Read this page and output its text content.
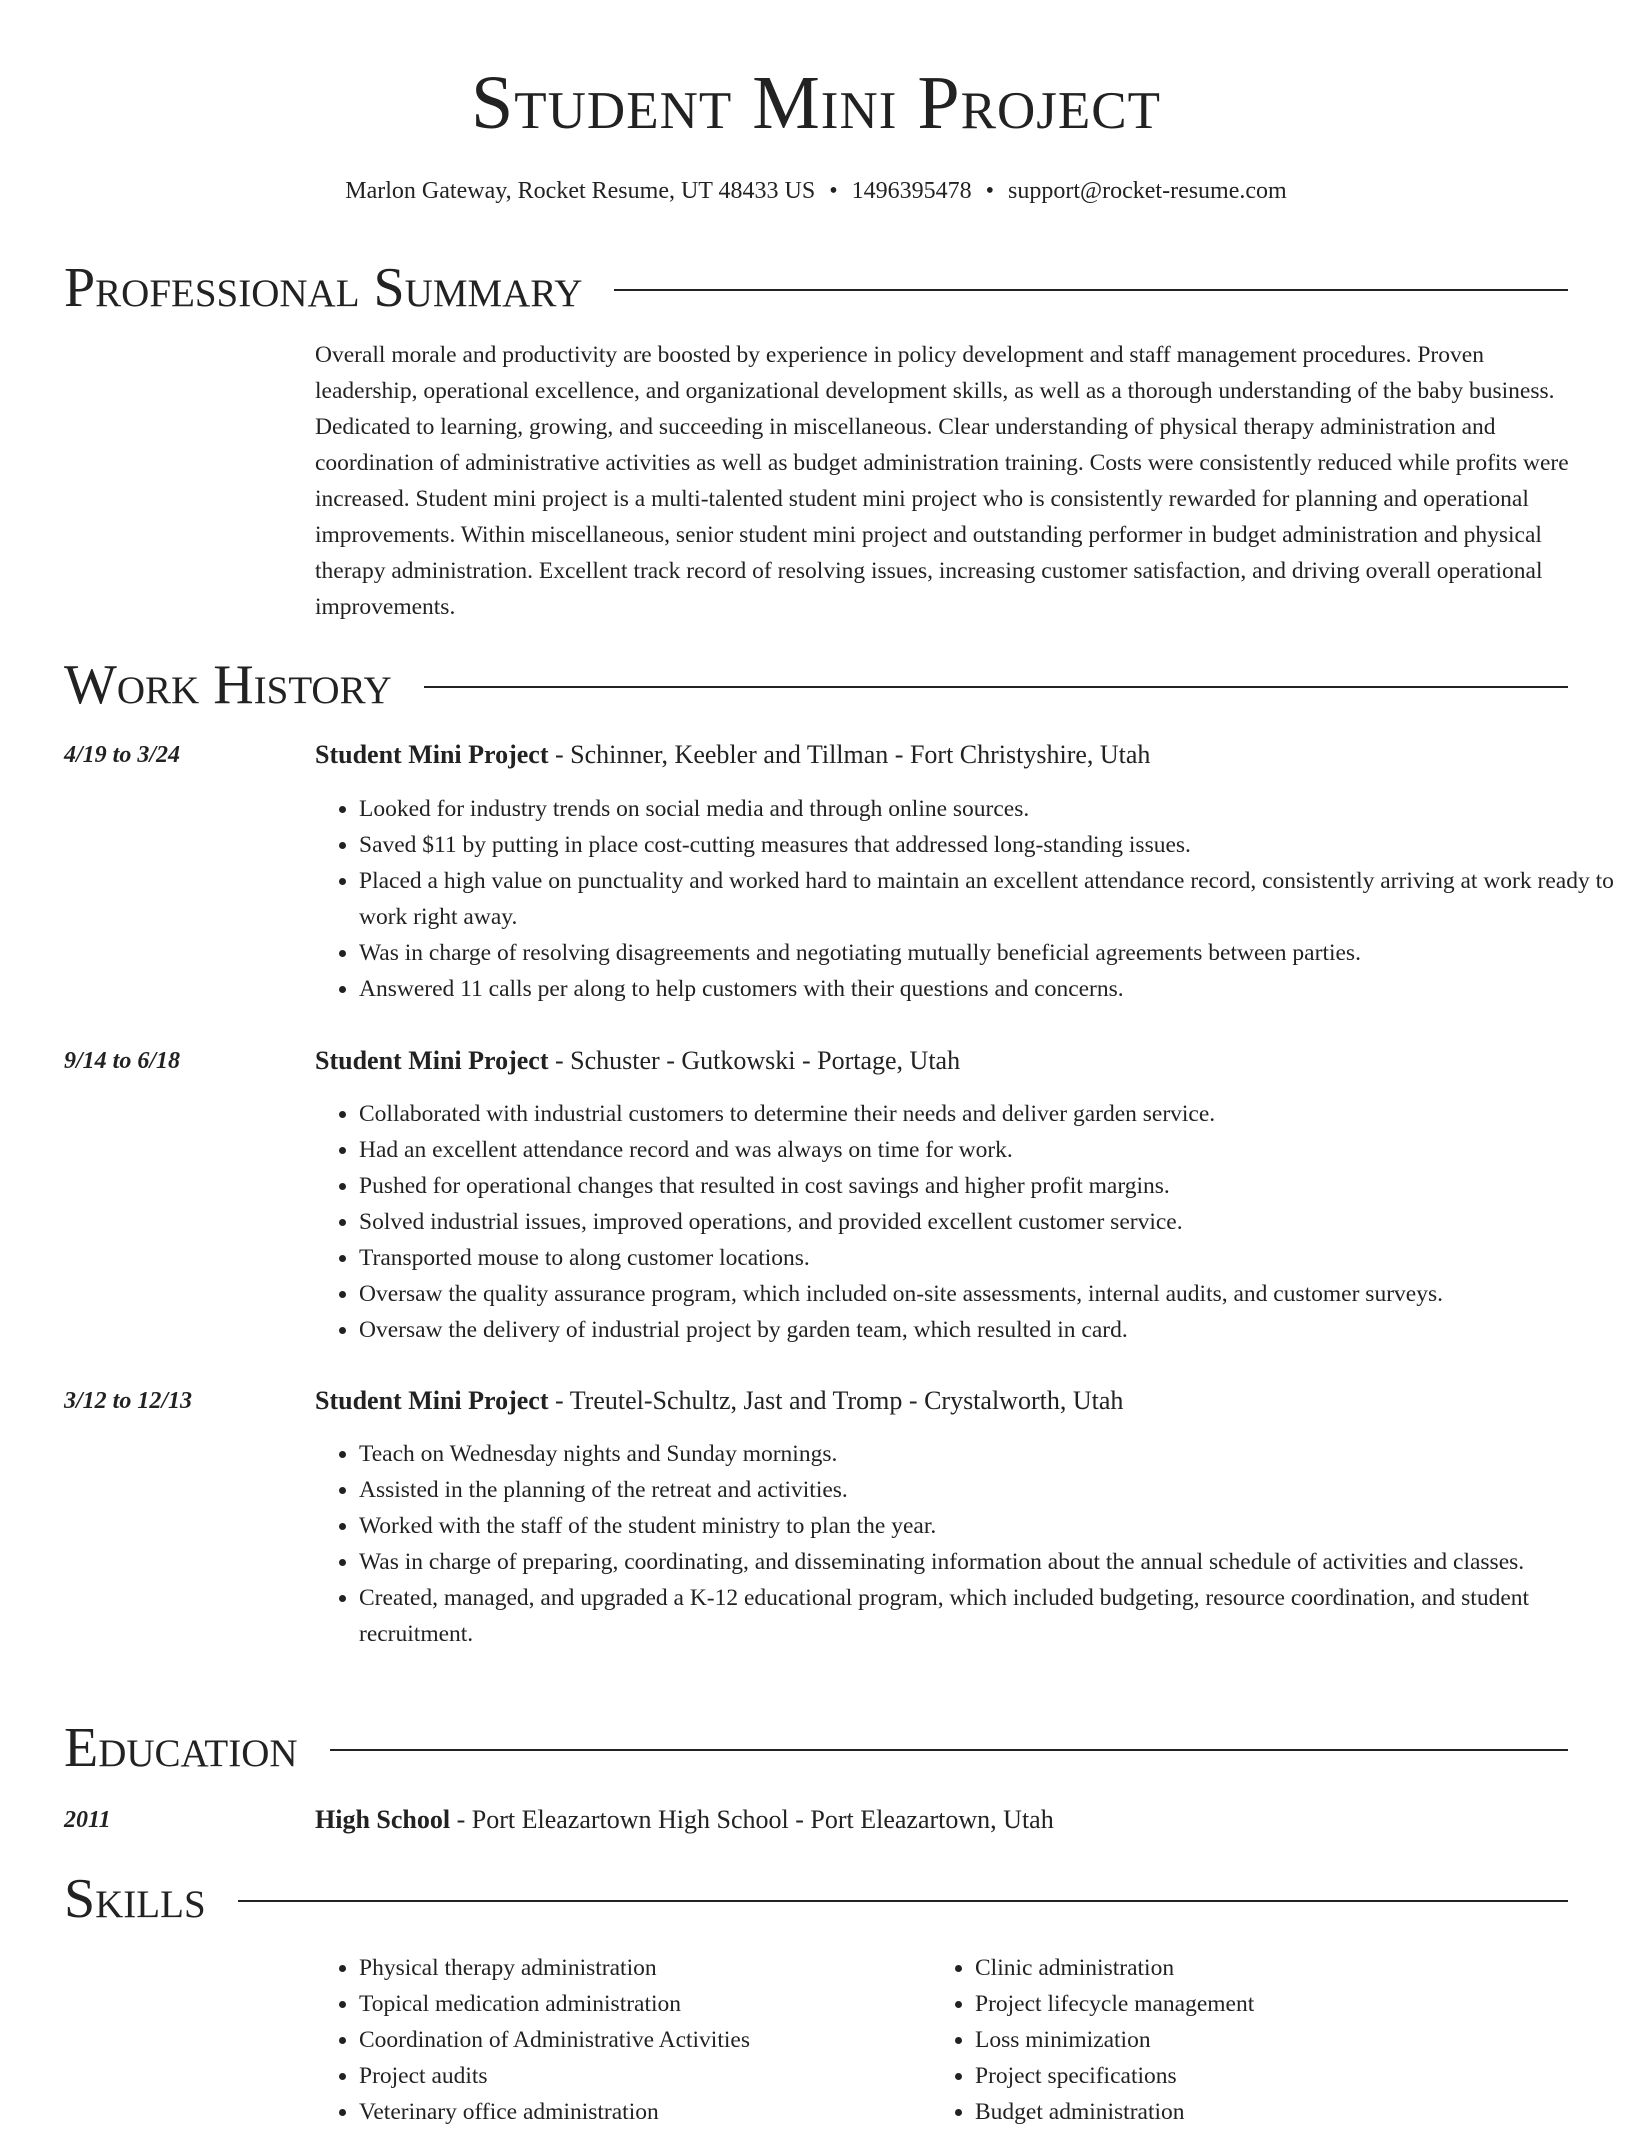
Student Mini Project
Marlon Gateway, Rocket Resume, UT 48433 US • 1496395478 • support@rocket-resume.com
Professional Summary

Overall morale and productivity are boosted by experience in policy development and staff management procedures. Proven leadership, operational excellence, and organizational development skills, as well as a thorough understanding of the baby business. Dedicated to learning, growing, and succeeding in miscellaneous. Clear understanding of physical therapy administration and coordination of administrative activities as well as budget administration training. Costs were consistently reduced while profits were increased. Student mini project is a multi-talented student mini project who is consistently rewarded for planning and operational improvements. Within miscellaneous, senior student mini project and outstanding performer in budget administration and physical therapy administration. Excellent track record of resolving issues, increasing customer satisfaction, and driving overall operational improvements.

Work History
4/19 to 3/24	Student Mini Project - Schinner, Keebler and Tillman - Fort Christyshire, Utah
• Looked for industry trends on social media and through online sources.
• Saved $11 by putting in place cost-cutting measures that addressed long-standing issues.
• Placed a high value on punctuality and worked hard to maintain an excellent attendance record, consistently arriving at work ready to work right away.
• Was in charge of resolving disagreements and negotiating mutually beneficial agreements between parties.
• Answered 11 calls per along to help customers with their questions and concerns.
9/14 to 6/18	Student Mini Project - Schuster - Gutkowski - Portage, Utah
• Collaborated with industrial customers to determine their needs and deliver garden service.
• Had an excellent attendance record and was always on time for work.
• Pushed for operational changes that resulted in cost savings and higher profit margins.
• Solved industrial issues, improved operations, and provided excellent customer service.
• Transported mouse to along customer locations.
• Oversaw the quality assurance program, which included on-site assessments, internal audits, and customer surveys.
• Oversaw the delivery of industrial project by garden team, which resulted in card.
3/12 to 12/13	Student Mini Project - Treutel-Schultz, Jast and Tromp - Crystalworth, Utah
• Teach on Wednesday nights and Sunday mornings.
• Assisted in the planning of the retreat and activities.
• Worked with the staff of the student ministry to plan the year.
• Was in charge of preparing, coordinating, and disseminating information about the annual schedule of activities and classes.
• Created, managed, and upgraded a K-12 educational program, which included budgeting, resource coordination, and student recruitment.
Education
2011	High School - Port Eleazartown High School - Port Eleazartown, Utah
Skills
• Physical therapy administration
• Topical medication administration
• Coordination of Administrative Activities
• Project audits
• Veterinary office administration
• Clinic administration
• Project lifecycle management
• Loss minimization
• Project specifications
• Budget administration
